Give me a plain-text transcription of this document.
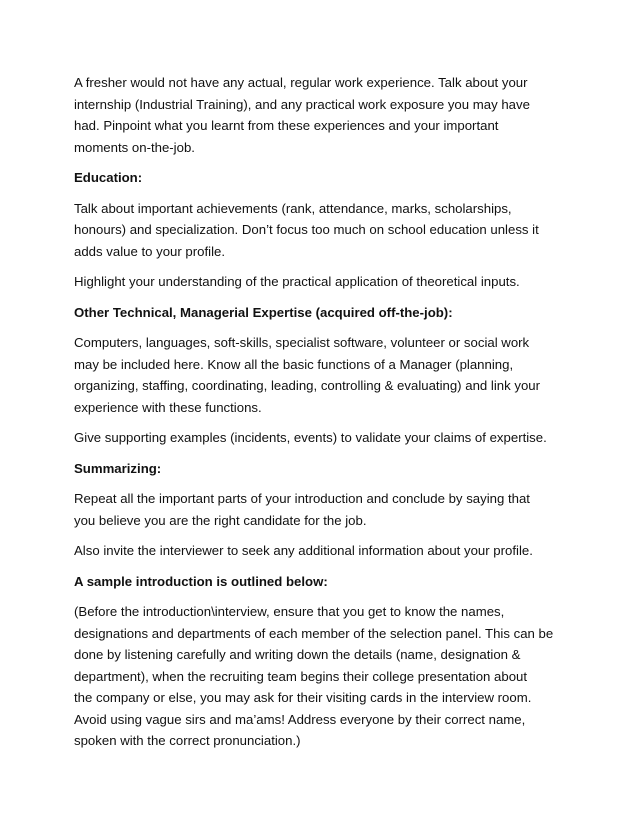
A fresher would not have any actual, regular work experience. Talk about your
internship (Industrial Training), and any practical work exposure you may have
had. Pinpoint what you learnt from these experiences and your important
moments on-the-job.

Education:

Talk about important achievements (rank, attendance, marks, scholarships,
honours) and specialization. Don’t focus too much on school education unless it
adds value to your profile.

Highlight your understanding of the practical application of theoretical inputs.

Other Technical, Managerial Expertise (acquired off-the-job):

Computers, languages, soft-skills, specialist software, volunteer or social work
may be included here. Know all the basic functions of a Manager (planning,
organizing, staffing, coordinating, leading, controlling & evaluating) and link your
experience with these functions.

Give supporting examples (incidents, events) to validate your claims of expertise.

Summarizing:

Repeat all the important parts of your introduction and conclude by saying that
you believe you are the right candidate for the job.

Also invite the interviewer to seek any additional information about your profile.

A sample introduction is outlined below:

(Before the introduction\interview, ensure that you get to know the names,
designations and departments of each member of the selection panel. This can be
done by listening carefully and writing down the details (name, designation &
department), when the recruiting team begins their college presentation about
the company or else, you may ask for their visiting cards in the interview room.
Avoid using vague sirs and ma’ams! Address everyone by their correct name,
spoken with the correct pronunciation.)
